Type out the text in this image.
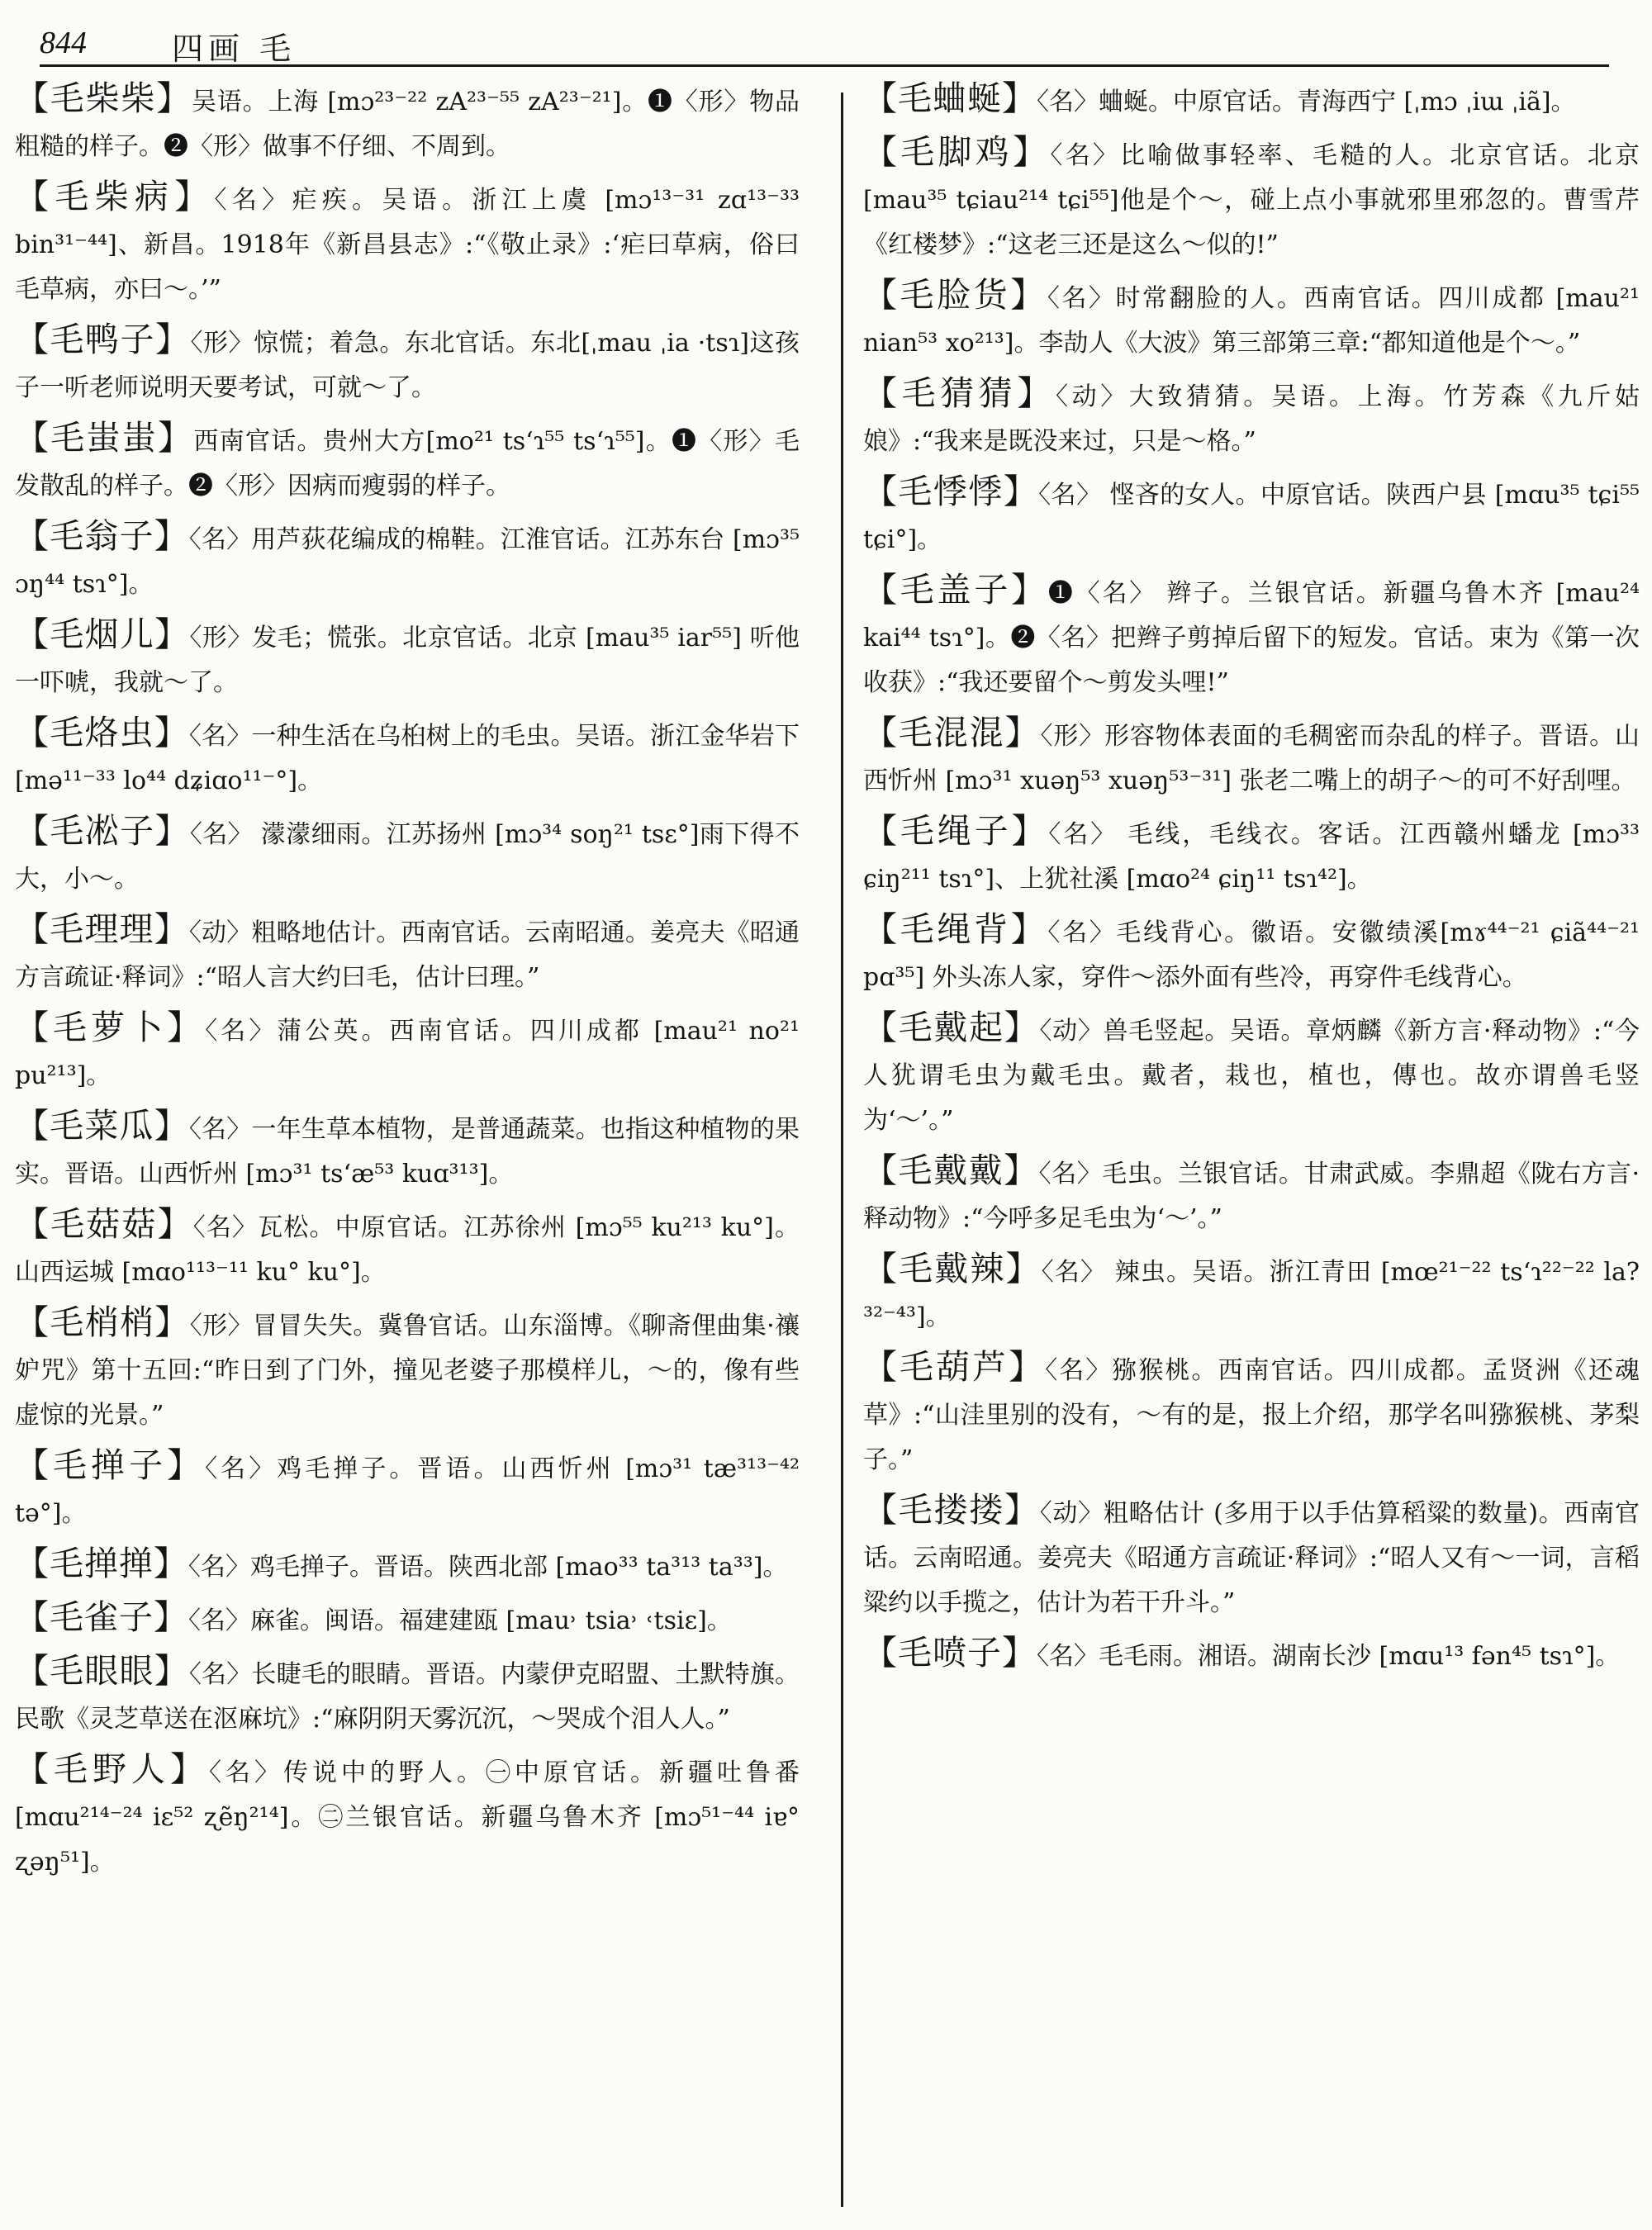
844	四画 毛

【毛柴柴】吴语。上海 [mɔ²³⁻²² zA²³⁻⁵⁵ zA²³⁻²¹]。❶〈形〉物品粗糙的样子。❷〈形〉做事不仔细、不周到。

【毛柴病】〈名〉疟疾。吴语。浙江上虞 [mɔ¹³⁻³¹ zɑ¹³⁻³³ bin³¹⁻⁴⁴]、新昌。1918年《新昌县志》:“《敬止录》:‘疟曰草病，俗曰毛草病，亦曰～。’”

【毛鸭子】〈形〉惊慌；着急。东北官话。东北[ˌmau ˌia ·tsɿ]这孩子一听老师说明天要考试，可就～了。

【毛蚩蚩】西南官话。贵州大方[mo²¹ tsʻɿ⁵⁵ tsʻɿ⁵⁵]。❶〈形〉毛发散乱的样子。❷〈形〉因病而瘦弱的样子。

【毛翁子】〈名〉用芦荻花编成的棉鞋。江淮官话。江苏东台 [mɔ³⁵ ɔŋ⁴⁴ tsɿ°]。

【毛烟儿】〈形〉发毛；慌张。北京官话。北京 [mau³⁵ iar⁵⁵] 听他一吓唬，我就～了。

【毛烙虫】〈名〉一种生活在乌桕树上的毛虫。吴语。浙江金华岩下 [mə¹¹⁻³³ lo⁴⁴ dʑiɑo¹¹⁻°]。

【毛凇子】〈名〉 濛濛细雨。江苏扬州 [mɔ³⁴ soŋ²¹ tsɛ°]雨下得不大，小～。

【毛理理】〈动〉粗略地估计。西南官话。云南昭通。姜亮夫《昭通方言疏证·释词》:“昭人言大约曰毛，估计曰理。”

【毛萝卜】〈名〉蒲公英。西南官话。四川成都 [mau²¹ no²¹ pu²¹³]。

【毛菜瓜】〈名〉一年生草本植物，是普通蔬菜。也指这种植物的果实。晋语。山西忻州 [mɔ³¹ tsʻæ⁵³ kuɑ³¹³]。

【毛菇菇】〈名〉瓦松。中原官话。江苏徐州 [mɔ⁵⁵ ku²¹³ ku°]。山西运城 [mɑo¹¹³⁻¹¹ ku° ku°]。

【毛梢梢】〈形〉冒冒失失。冀鲁官话。山东淄博。《聊斋俚曲集·禳妒咒》第十五回:“昨日到了门外，撞见老婆子那模样儿，～的，像有些虚惊的光景。”

【毛掸子】〈名〉鸡毛掸子。晋语。山西忻州 [mɔ³¹ tæ³¹³⁻⁴² tə°]。

【毛掸掸】〈名〉鸡毛掸子。晋语。陕西北部 [mao³³ ta³¹³ ta³³]。

【毛雀子】〈名〉麻雀。闽语。福建建瓯 [mau˒ tsia˒ ˓tsiɛ]。

【毛眼眼】〈名〉长睫毛的眼睛。晋语。内蒙伊克昭盟、土默特旗。民歌《灵芝草送在沤麻坑》:“麻阴阴天雾沉沉，～哭成个泪人人。”

【毛野人】〈名〉传说中的野人。㊀中原官话。新疆吐鲁番 [mɑu²¹⁴⁻²⁴ iɛ⁵² ʐẽŋ²¹⁴]。㊁兰银官话。新疆乌鲁木齐 [mɔ⁵¹⁻⁴⁴ iɐ° ʐəŋ⁵¹]。

【毛蛐蜒】〈名〉蛐蜒。中原官话。青海西宁 [ˌmɔ ˌiɯ ˌiã]。

【毛脚鸡】〈名〉比喻做事轻率、毛糙的人。北京官话。北京 [mau³⁵ tɕiau²¹⁴ tɕi⁵⁵]他是个～，碰上点小事就邪里邪忽的。曹雪芹《红楼梦》:“这老三还是这么～似的!”

【毛脸货】〈名〉时常翻脸的人。西南官话。四川成都 [mau²¹ nian⁵³ xo²¹³]。李劼人《大波》第三部第三章:“都知道他是个～。”

【毛猜猜】〈动〉大致猜猜。吴语。上海。竹芳森《九斤姑娘》:“我来是既没来过，只是～格。”

【毛悸悸】〈名〉 悭吝的女人。中原官话。陕西户县 [mɑu³⁵ tɕi⁵⁵ tɕi°]。

【毛盖子】❶〈名〉 辫子。兰银官话。新疆乌鲁木齐 [mau²⁴ kai⁴⁴ tsɿ°]。❷〈名〉把辫子剪掉后留下的短发。官话。束为《第一次收获》:“我还要留个～剪发头哩!”

【毛混混】〈形〉形容物体表面的毛稠密而杂乱的样子。晋语。山西忻州 [mɔ³¹ xuəŋ⁵³ xuəŋ⁵³⁻³¹] 张老二嘴上的胡子～的可不好刮哩。

【毛绳子】〈名〉 毛线，毛线衣。客话。江西赣州蟠龙 [mɔ³³ ɕiŋ²¹¹ tsɿ°]、上犹社溪 [mɑo²⁴ ɕiŋ¹¹ tsɿ⁴²]。

【毛绳背】〈名〉毛线背心。徽语。安徽绩溪[mɤ⁴⁴⁻²¹ ɕiã⁴⁴⁻²¹ pɑ³⁵] 外头冻人家，穿件～添外面有些冷，再穿件毛线背心。

【毛戴起】〈动〉兽毛竖起。吴语。章炳麟《新方言·释动物》:“今人犹谓毛虫为戴毛虫。戴者，栽也，植也，傳也。故亦谓兽毛竖为‘～’。”

【毛戴戴】〈名〉毛虫。兰银官话。甘肃武威。李鼎超《陇右方言·释动物》:“今呼多足毛虫为‘～’。”

【毛戴辣】〈名〉 辣虫。吴语。浙江青田 [mœ²¹⁻²² tsʻɿ²²⁻²² la?³²⁻⁴³]。

【毛葫芦】〈名〉猕猴桃。西南官话。四川成都。孟贤洲《还魂草》:“山洼里别的没有，～有的是，报上介绍，那学名叫猕猴桃、茅梨子。”

【毛搂搂】〈动〉粗略估计 (多用于以手估算稻粱的数量)。西南官话。云南昭通。姜亮夫《昭通方言疏证·释词》:“昭人又有～一词，言稻粱约以手揽之，估计为若干升斗。”

【毛喷子】〈名〉毛毛雨。湘语。湖南长沙 [mɑu¹³ fən⁴⁵ tsɿ°]。
